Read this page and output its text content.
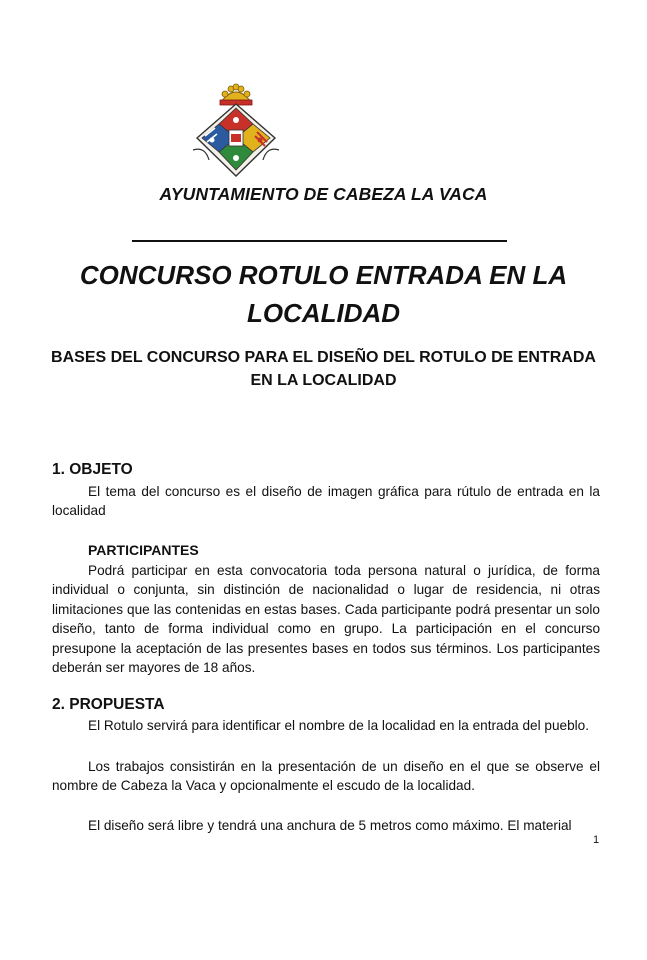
AYUNTAMIENTO DE CABEZA LA VACA
CONCURSO ROTULO ENTRADA EN LA
LOCALIDAD
BASES DEL CONCURSO PARA EL DISEÑO DEL ROTULO DE ENTRADA
EN LA LOCALIDAD
1. OBJETO
El tema del concurso es el diseño de imagen gráfica para rútulo de entrada en la localidad
PARTICIPANTES
Podrá participar en esta convocatoria toda persona natural o jurídica, de forma individual o conjunta, sin distinción de nacionalidad o lugar de residencia, ni otras limitaciones que las contenidas en estas bases. Cada participante podrá presentar un solo diseño, tanto de forma individual como en grupo. La participación en el concurso presupone la aceptación de las presentes bases en todos sus términos. Los participantes deberán ser mayores de 18 años.
2. PROPUESTA
El Rotulo servirá para identificar el nombre de la localidad en la entrada del pueblo.
Los trabajos consistirán en la presentación de un diseño en el que se observe el nombre de Cabeza la Vaca y opcionalmente el escudo de la localidad.
El diseño será libre y tendrá una anchura de 5 metros como máximo. El material
1
